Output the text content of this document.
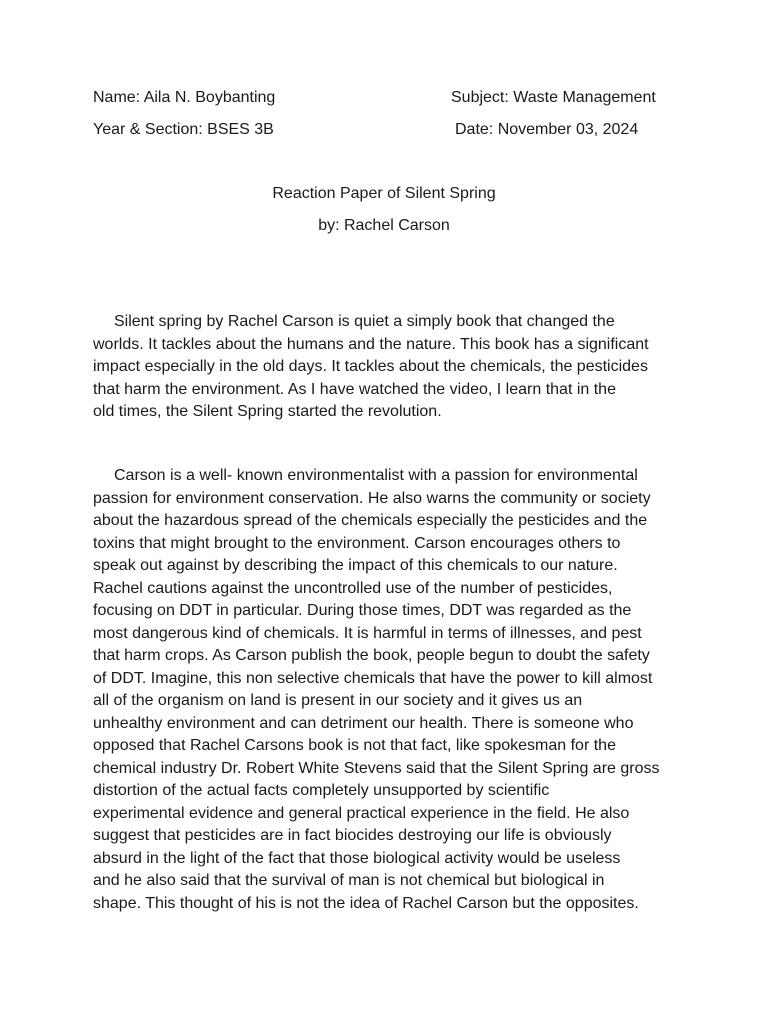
Name: Aila N. Boybanting	Subject: Waste Management
Year & Section: BSES 3B	Date: November 03, 2024
Reaction Paper of Silent Spring
by: Rachel Carson
Silent spring by Rachel Carson is quiet a simply book that changed the
worlds. It tackles about the humans and the nature. This book has a significant
impact especially in the old days. It tackles about the chemicals, the pesticides
that harm the environment. As I have watched the video, I learn that in the
old times, the Silent Spring started the revolution.
Carson is a well- known environmentalist with a passion for environmental
passion for environment conservation. He also warns the community or society
about the hazardous spread of the chemicals especially the pesticides and the
toxins that might brought to the environment. Carson encourages others to
speak out against by describing the impact of this chemicals to our nature.
Rachel cautions against the uncontrolled use of the number of pesticides,
focusing on DDT in particular. During those times, DDT was regarded as the
most dangerous kind of chemicals. It is harmful in terms of illnesses, and pest
that harm crops. As Carson publish the book, people begun to doubt the safety
of DDT. Imagine, this non selective chemicals that have the power to kill almost
all of the organism on land is present in our society and it gives us an
unhealthy environment and can detriment our health. There is someone who
opposed that Rachel Carsons book is not that fact, like spokesman for the
chemical industry Dr. Robert White Stevens said that the Silent Spring are gross
distortion of the actual facts completely unsupported by scientific
experimental evidence and general practical experience in the field. He also
suggest that pesticides are in fact biocides destroying our life is obviously
absurd in the light of the fact that those biological activity would be useless
and he also said that the survival of man is not chemical but biological in
shape. This thought of his is not the idea of Rachel Carson but the opposites.
